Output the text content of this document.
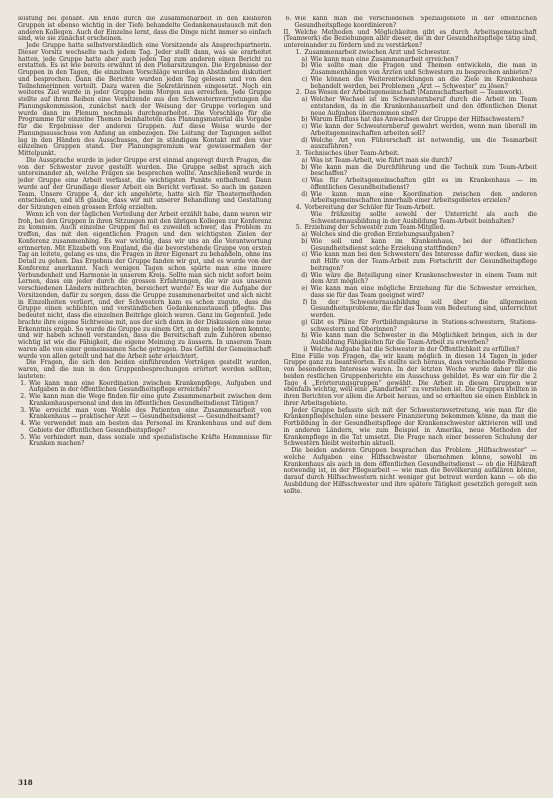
leistung bei gehabt. Am Ende durch die Zusammenarbeit in den kleineren Gruppen ist ebenso wichtig in der Tiefe behandelte Gedankenaustausch mit den anderen Kollegen. Auch der Einzelne lernt, dass die Dinge nicht immer so einfach sind, wie sie zunächst erscheinen.

Jede Gruppe hatte selbstverständlich eine Vorsitzende als Ansprechpartnerin. Dieser Vorsitz wechselte nach jedem Tag. Jeder stellt dann, was sie erarbeitet hatten, jede Gruppe hatte aber auch jeden Tag zum anderen einen Bericht zu erstatten. Es ist wie bereits erwähnt in den Plenarsitzungen. Die Ergebnisse der Gruppen in den Tagen, die einzelnen Vorschläge wurden in Abständen diskutiert und besprochen. Dann die Berichte wurden jeden Tag gelesen und von den Teilnehmerinnen verteilt. Dazu waren die Sekretärinnen eingesetzt. Noch ein weiteres Ziel wurde in jeder Gruppe beim Morgen aus erreichen. Jede Gruppe stellte auf ihren Reihen eine Vorsitzende aus den Schwesternvertretungen die Planungskommission, zunächst nach der Weisung der Gruppe vorlegen und wurde dann im Plenum nochmals durchgearbeitet. Die Vorschläge für die Programme für einzelne Themen beinhalteten das Planungsmaterial als Vorgabe für die Ergebnisse der anderen Gruppen. Auf diese Weise wurde der Planungsausschuss von Anfang an einbezogen. Die Leitung der Tagungen selbst lag in den Händen des Ausschusses, der in ständigem Kontakt mit den vier einzelnen Gruppen stand. Der Planungsgremium war gewissermaßen der Mittelpunkt.

Die Aussprache wurde in jeder Gruppe erst einmal angeregt durch Fragen, die von der Schwester zuvor gestellt wurden. Die Gruppe selbst sprach sich untereinander ab, welche Fragen sie besprechen wollte. Anschließend wurde in jeder Gruppe eine Arbeit verfasst, die wichtigsten Punkte enthaltend. Dann wurde auf der Grundlage dieser Arbeit ein Bericht verfasst. So auch im ganzen Team. Unsere Gruppe 4, der ich angehörte, hatte sich für Theatermethoden entschieden, und ich glaube, dass wir mit unserer Behandlung und Gestaltung der Sitzungen einen grossen Erfolg erzielten.

Wenn ich von der täglichen Verteilung der Arbeit erzählt habe, dann waren wir froh, bei den Gruppen in ihren Sitzungen mit den übrigen Kollegen zur Konferenz zu kommen. Auch einzelne Gruppen fiel es zuweilen schwer, das Problem zu treffen, das mit den eigentlichen Fragen und den wichtigsten Zielen der Konferenz zusammenhing. Es war wichtig, dass wir uns an die Verantwortung erinnerten. Mit Elizabeth von England, die die bevorstehende Gruppe von ersten Tag an leitete, gelang es uns, die Fragen in ihrer Eigenart zu behandeln, ohne ins Detail zu gehen. Das Ergebnis der Gruppe fanden wir gut, und es wurde von der Konferenz anerkannt. Nach wenigen Tagen schon spürte man eine innere Verbundenheit und Harmonie in unserem Kreis. Sollte man sich nicht sofort beim Lernen, dass ein jeder durch die grossen Erfahrungen, die wir aus unseren verschiedenen Ländern mitbrachten, bereichert wurde? Es war die Aufgabe der Vorsitzenden, dafür zu sorgen, dass die Gruppe zusammenarbeitet und sich nicht in Einzelheiten verliert, und der Schwestern kam es schon zugute, dass die Gruppe einen schlichten und verständlichen Gedankenaustausch pflegte. Das bedeutet nicht, dass die einzelnen Beiträge gleich waren. Ganz im Gegenteil. Jede brachte ihre eigene Sichtweise mit, aus der sich dann in der Diskussion eine neue Erkenntnis ergab. So wurde die Gruppe zu einem Ort, an dem jede lernen konnte, und wir haben schnell verstanden, dass die Bereitschaft zum Zuhören ebenso wichtig ist wie die Fähigkeit, die eigene Meinung zu äussern. In unserem Team waren alle von einer gemeinsamen Sache getragen. Das Gefühl der Gemeinschaft wurde von allen geteilt und hat die Arbeit sehr erleichtert.

Die Fragen, die sich den beiden einführenden Vorträgen gestellt wurden, waren, und die nun in den Gruppenbesprechungen erörtert werden sollten, lauteten:

1. Wie kann man eine Koordination zwischen Krankenpflege, Aufgaben und Aufgaben in der öffentlichen Gesundheitspflege erreichen?
2. Wie kann man die Wege finden für eine gute Zusammenarbeit zwischen dem Krankenhauspersonal und den im öffentlichen Gesundheitsdienst Tätigen?
3. Wie erreicht man vom Wohle des Patienten eine Zusammenarbeit von Krankenhaus — praktischer Arzt — Gesundheitsdienst — Gesundheitsamt?
4. Wie verwendet man am besten das Personal im Krankenhaus und auf dem Gebiete der öffentlichen Gesundheitspflege?
5. Wie verhindert man, dass soziale und spezialistische Kräfte Hemmnisse für Kranken machen?
6. Wie kann man die verschiedenen Spezialgebiete in der öffentlichen Gesundheitspflege koordinieren?

II. Welche Methoden und Möglichkeiten gibt es durch Arbeitsgemeinschaft (Teamwork) die Beziehungen aller dieser, die in der Gesundheitspflege tätig sind, untereinander zu fördern und zu verstärken?

1. Zusammenarbeit zwischen Arzt und Schwester.
a) Wie kann man eine Zusammenarbeit erreichen?
b) Wie sollte man die Fragen und Themen entwickeln, die man in Zusammenhängen von Ärzten und Schwestern zu besprechen anbieten?
c) Wie können die Weiterentwicklungen an die Ziele im Krankenhaus behandelt werden, bei Problemen „Arzt — Schwester“ zu lösen?
2. Das Wesen der Arbeitsgemeinschaft (Mannschaftsarbeit — Teamwork).
a) Welcher Wechsel ist im Schwesternberuf durch die Arbeit im Team entstanden, da in die Krankenhausarbeit und den öffentlichen Dienst neue Aufgaben übernommen sind?
b) Warum Einfluss hat das Anwachsen der Gruppe der Hilfsschwestern?
c) Wie kann der Schwesternberuf gewahrt werden, wenn man überall im Arbeitsgemeinschaften arbeiten soll?
d) Welche Art von Führerschaft ist notwendig, um die Teamarbeit auszuführen?
3. Technisches über Team-Arbeit.
a) Was ist Team-Arbeit, wie führt man sie durch?
b) Wie kann man die Durchführung und die Technik zum Team-Arbeit beschaffen?
c) Was für Arbeitsgemeinschaften gibt es im Krankenhaus — im öffentlichen Gesundheitsdienst?
d) Wie kann man eine Koordination zwischen den anderen Arbeitsgemeinschaften innerhalb einer Arbeitsgebietes erzielen?
4. Vorbereitung der Schüler für Team-Arbeit.
Wie frühzeitig sollte sowohl der Unterricht als auch die Schwesternausbildung in der Ausbildung Team-Arbeit beinhalten?
5. Erziehung der Schwester zum Team-Mitglied.
a) Welches sind die großen Erziehungsaufgaben?
b) Wie soll und kann im Krankenhaus, bei der öffentlichen Gesundheitsdienst solche Erziehung stattfinden?
c) Wie kann man bei den Schwestern des Interesse dafür wecken, dass sie mit Hilfe von der Team-Arbeit zum Fortschritt der Gesundheitspflege beitragen?
d) Wie wäre die Beteiligung einer Krankenschwester in einem Team mit dem Arzt möglich?
e) Wie kann man eine mögliche Erziehung für die Schwester erreichen, dass sie für das Team geeignet wird?
f) In der Schwesternausbildung soll über die allgemeinen Gesundheitsprobleme, die für das Team von Bedeutung sind, unterrichtet werden.
g) Gibt es Pläne für Fortbildungskurse in Stations-schwestern, Stations-schwestern und Oberinnen?
h) Wie kann man die Schwester in die Möglichkeit bringen, sich in der Ausbildung Fähigkeiten für die Team-Arbeit zu erwerben?
i) Welche Aufgabe hat die Schwester in der Öffentlichkeit zu erfüllen?

Eine Fülle von Fragen, die wir kaum möglich in diesen 14 Tagen in jeder Gruppe ganz zu beantworten. Es stellte sich heraus, dass verschiedene Probleme von besonderem Interesse waren. In der letzten Woche wurde daher für die beiden restlichen Gruppenberichte ein Ausschuss gebildet. Es war ein für die 2 Tage 4 „Erörterungsgruppen“ gewählt. Die Arbeit in diesen Gruppen war ebenfalls wichtig, weil eine „Randarbeit“ zu verstehen ist. Die Gruppen stellten in ihren Berichten vor allem die Arbeit heraus, und so erhielten sie einen Einblick in ihrer Arbeitsgebiete.

Jeder Gruppe befasste sich mit der Schwesternvertretung, wie man für die Krankenpflegeschulen eine bessere Finanzierung bekommen könne, da man die Fortbildung in der Gesundheitspflege der Krankenschwester aktivieren will und in anderen Ländern, wie zum Beispiel in Amerika, neue Methoden der Krankenpflege in die Tat umsetzt. Die Frage nach einer besseren Schulung der Schwestern bleibt weiterhin aktuell.

Die beiden anderen Gruppen besprachen das Problem „Hilfsschwester“ — welche Aufgaben eine Hilfsschwester übernehmen könne, sowohl im Krankenhaus als auch in dem öffentlichen Gesundheitsdienst — ob die Hilfskraft notwendig ist, in der Pflegearbeit — wie man die Bevölkerung aufklären könne, darauf durch Hilfsschwestern nicht weniger gut betreut werden kann — ob die Ausbildung der Hilfsschwester und ihre spätere Tätigkeit gesetzlich geregelt sein sollte.

318
